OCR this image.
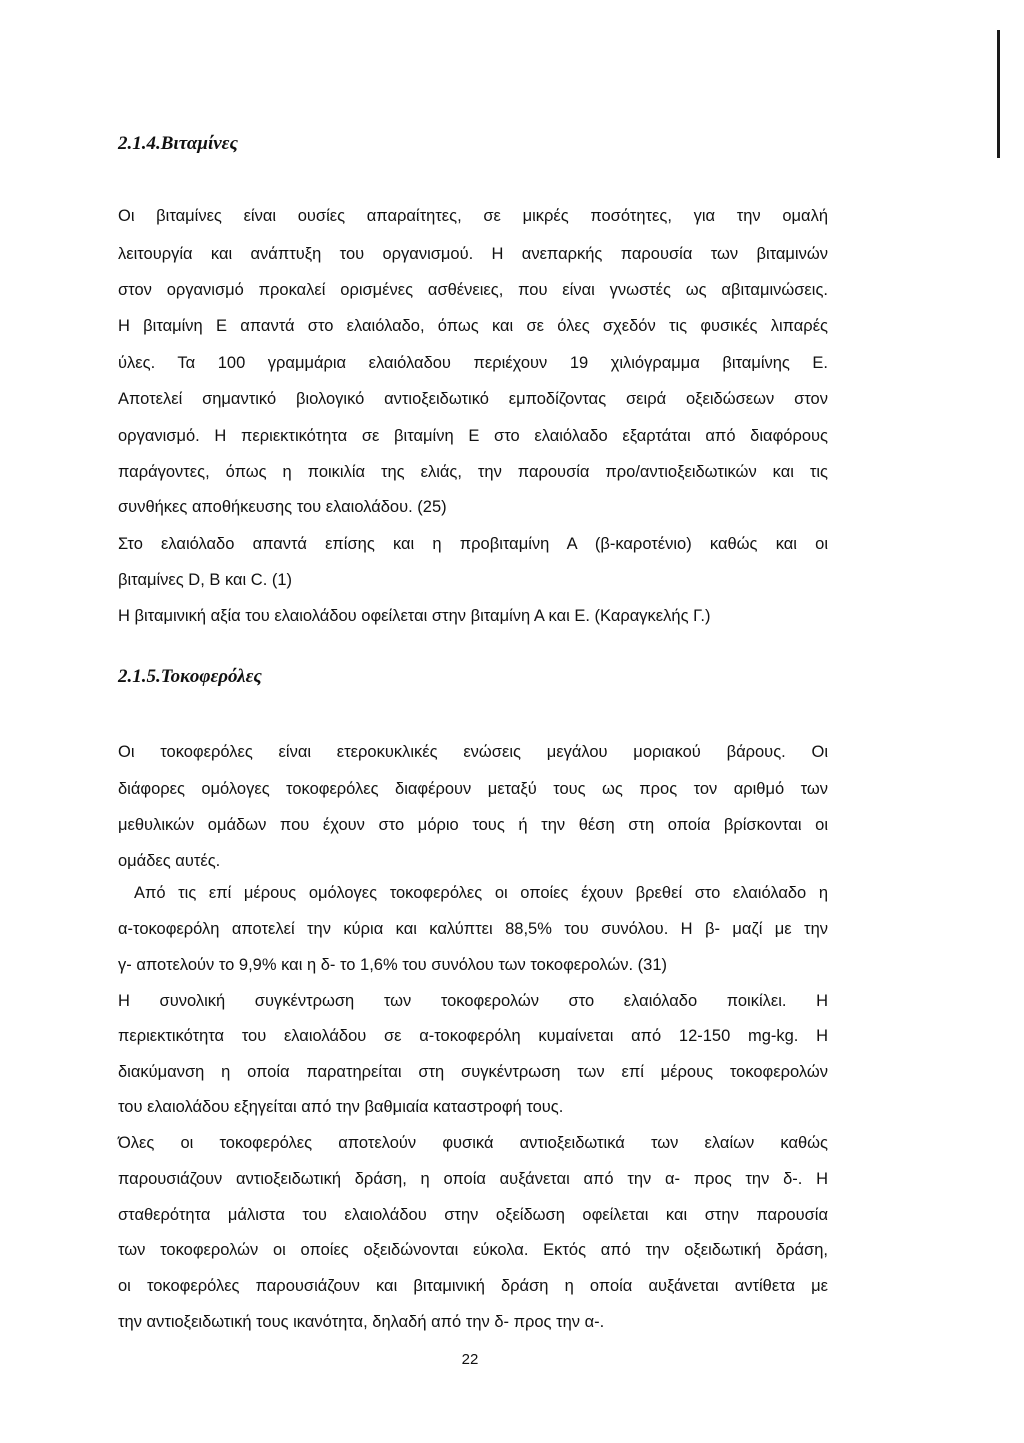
2.1.4.Βιταμίνες

Οι βιταμίνες είναι ουσίες απαραίτητες, σε μικρές ποσότητες, για την ομαλή

λειτουργία και ανάπτυξη του οργανισμού. Η ανεπαρκής παρουσία των βιταμινών

στον οργανισμό προκαλεί ορισμένες ασθένειες, που είναι γνωστές ως αβιταμινώσεις.

Η βιταμίνη Ε απαντά στο ελαιόλαδο, όπως και σε όλες σχεδόν τις φυσικές λιπαρές

ύλες. Τα 100 γραμμάρια ελαιόλαδου περιέχουν 19 χιλιόγραμμα βιταμίνης Ε.

Αποτελεί σημαντικό βιολογικό αντιοξειδωτικό εμποδίζοντας σειρά οξειδώσεων στον

οργανισμό. Η περιεκτικότητα σε βιταμίνη Ε στο ελαιόλαδο εξαρτάται από διαφόρους

παράγοντες, όπως η ποικιλία της ελιάς, την παρουσία προ/αντιοξειδωτικών και τις

συνθήκες αποθήκευσης του ελαιολάδου. (25)

Στο ελαιόλαδο απαντά επίσης και η προβιταμίνη Α (β-καροτένιο) καθώς και οι

βιταμίνες D, B και C. (1)

Η βιταμινική αξία του ελαιολάδου οφείλεται στην βιταμίνη Α και Ε. (Καραγκελής Γ.)

2.1.5.Τοκοφερόλες

Οι τοκοφερόλες είναι ετεροκυκλικές ενώσεις μεγάλου μοριακού βάρους. Οι

διάφορες ομόλογες τοκοφερόλες διαφέρουν μεταξύ τους ως προς τον αριθμό των

μεθυλικών ομάδων που έχουν στο μόριο τους ή την θέση στη οποία βρίσκονται οι

ομάδες αυτές.

Από τις επί μέρους ομόλογες τοκοφερόλες οι οποίες έχουν βρεθεί στο ελαιόλαδο η

α-τοκοφερόλη αποτελεί την κύρια και καλύπτει 88,5% του συνόλου. Η β- μαζί με την

γ- αποτελούν το 9,9% και η δ- το 1,6% του συνόλου των τοκοφερολών. (31)

Η συνολική συγκέντρωση των τοκοφερολών στο ελαιόλαδο ποικίλει. Η

περιεκτικότητα του ελαιολάδου σε α-τοκοφερόλη κυμαίνεται από 12-150 mg-kg. Η

διακύμανση η οποία παρατηρείται στη συγκέντρωση των επί μέρους τοκοφερολών

του ελαιολάδου εξηγείται από την βαθμιαία καταστροφή τους.

Όλες οι τοκοφερόλες αποτελούν φυσικά αντιοξειδωτικά των ελαίων καθώς

παρουσιάζουν αντιοξειδωτική δράση, η οποία αυξάνεται από την α- προς την δ-. Η

σταθερότητα μάλιστα του ελαιολάδου στην οξείδωση οφείλεται και στην παρουσία

των τοκοφερολών οι οποίες οξειδώνονται εύκολα. Εκτός από την οξειδωτική δράση,

οι τοκοφερόλες παρουσιάζουν και βιταμινική δράση η οποία αυξάνεται αντίθετα με

την αντιοξειδωτική τους ικανότητα, δηλαδή από την δ- προς την α-.

22
